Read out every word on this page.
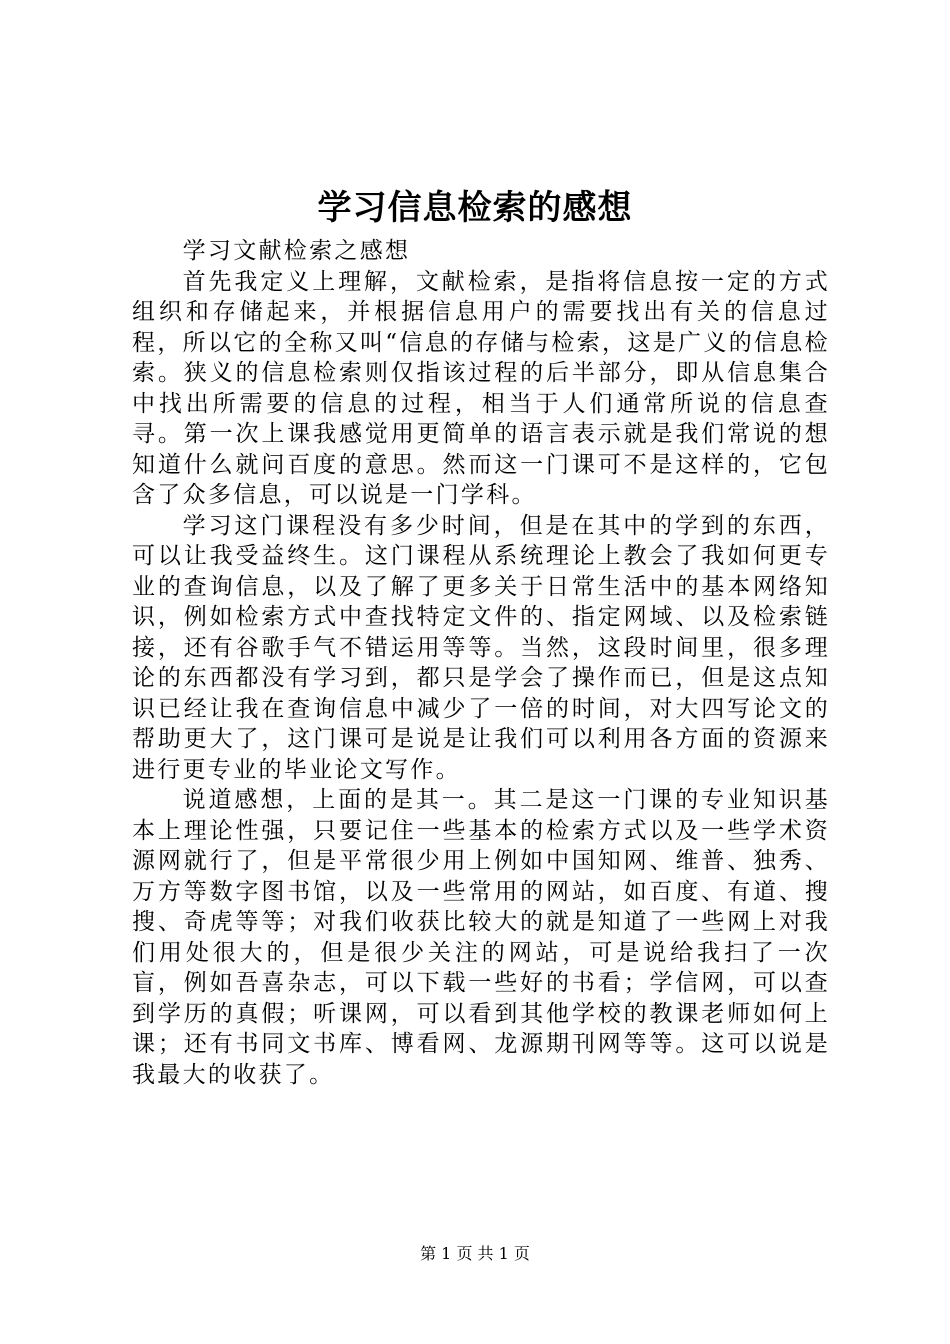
学习信息检索的感想

学习文献检索之感想

首先我定义上理解，文献检索，是指将信息按一定的方式组织和存储起来，并根据信息用户的需要找出有关的信息过程，所以它的全称又叫“信息的存储与检索，这是广义的信息检索。狭义的信息检索则仅指该过程的后半部分，即从信息集合中找出所需要的信息的过程，相当于人们通常所说的信息查寻。第一次上课我感觉用更简单的语言表示就是我们常说的想知道什么就问百度的意思。然而这一门课可不是这样的，它包含了众多信息，可以说是一门学科。

学习这门课程没有多少时间，但是在其中的学到的东西，可以让我受益终生。这门课程从系统理论上教会了我如何更专业的查询信息，以及了解了更多关于日常生活中的基本网络知识，例如检索方式中查找特定文件的、指定网域、以及检索链接，还有谷歌手气不错运用等等。当然，这段时间里，很多理论的东西都没有学习到，都只是学会了操作而已，但是这点知识已经让我在查询信息中减少了一倍的时间，对大四写论文的帮助更大了，这门课可是说是让我们可以利用各方面的资源来进行更专业的毕业论文写作。

说道感想，上面的是其一。其二是这一门课的专业知识基本上理论性强，只要记住一些基本的检索方式以及一些学术资源网就行了，但是平常很少用上例如中国知网、维普、独秀、万方等数字图书馆，以及一些常用的网站，如百度、有道、搜搜、奇虎等等；对我们收获比较大的就是知道了一些网上对我们用处很大的，但是很少关注的网站，可是说给我扫了一次盲，例如吾喜杂志，可以下载一些好的书看；学信网，可以查到学历的真假；听课网，可以看到其他学校的教课老师如何上课；还有书同文书库、博看网、龙源期刊网等等。这可以说是我最大的收获了。

第 1 页 共 1 页
